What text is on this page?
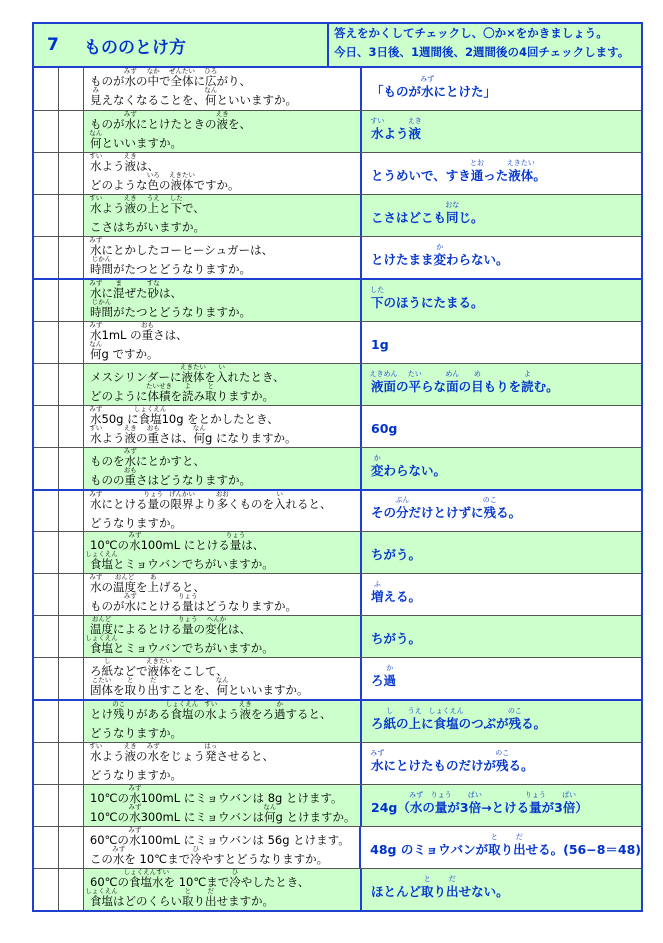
7	もののとけ方
答えをかくしてチェックし、〇か×をかきましょう。
今日、3日後、1週間後、2週間後の4回チェックします。
ものが水
みず
の中
なか
で全体
ぜんたい
に広
ひろ
がり、
見
み
えなくなることを、何
なん
といいますか。
「ものが水
みず
にとけた」
ものが水
みず
にとけたときの液
えき
を、
何
なん
といいますか。
水
すい
よう液
えき
水
すい
よう液
えき
は、
どのような色
いろ
の液体
えきたい
ですか。
とうめいで、すき通
とお
った液体
えきたい
。
水
すい
よう液
えき
の上
うえ
と下
した
で、
こさはちがいますか。
こさはどこも同
おな
じ。
水
みず
にとかしたコーヒーシュガーは、
時間
じかん
がたつとどうなりますか。
とけたまま変
か
わらない。
水
みず
に混
ま
ぜた砂
すな
は、
時間
じかん
がたつとどうなりますか。
下
した
のほうにたまる。
水
みず
1mL の重
おも
さは、
何
なん
g ですか。
1g
メスシリンダーに液体
えきたい
を入
い
れたとき、
どのように体積
たいせき
を読
よ
み取
と
りますか。
液面
えきめん
の平
たい
らな面
めん
の目
め
もりを読
よ
む。
水
みず
50g に食塩
しょくえん
10g をとかしたとき、
水
すい
よう液
えき
の重
おも
さは、何
なん
g になりますか。
60g
ものを水
みず
にとかすと、
ものの重
おも
さはどうなりますか。
変
か
わらない。
水
みず
にとける量
りょう
の限界
げんかい
より多
おお
くものを入
い
れると、
どうなりますか。
その分
ぶん
だけとけずに残
のこ
る。
10℃の水
みず
100mL にとける量
りょう
は、
食塩
しょくえん
とミョウバンでちがいますか。
ちがう。
水
みず
の温度
おんど
を上
あ
げると、
ものが水
みず
にとける量
りょう
はどうなりますか。
増
ふ
える。
温度
おんど
によるとける量
りょう
の変化
へんか
は、
食塩
しょくえん
とミョウバンでちがいますか。
ちがう。
ろ紙
し
などで液体
えきたい
をこして、
固体
こたい
を取
と
り出
だ
すことを、何
なん
といいますか。
ろ過
か
とけ残
のこ
りがある食塩
しょくえん
の水
すい
よう液
えき
をろ過
か
すると、
どうなりますか。
ろ紙
し
の上
うえ
に食塩
しょくえん
のつぶが残
のこ
る。
水
すい
よう液
えき
の水
みず
をじょう発
はっ
させると、
どうなりますか。
水
みず
にとけたものだけが残
のこ
る。
10℃の水
みず
100mL にミョウバンは 8g とけます。
10℃の水
みず
300mL にミョウバンは何
なん
g とけますか。
24g（水
みず
の量
りょう
が3倍
ばい
→とける量
りょう
が3倍
ばい
）
60℃の水
みず
100mL にミョウバンは 56g とけます。
この水
みず
を 10℃まで冷
ひ
やすとどうなりますか。
48g のミョウバンが取
と
り出
だ
せる。(56−8＝48)
60℃の食塩水
しょくえんすい
を 10℃まで冷
ひ
やしたとき、
食塩
しょくえん
はどのくらい取
と
り出
だ
せますか。
ほとんど取
と
り出
だ
せない。
